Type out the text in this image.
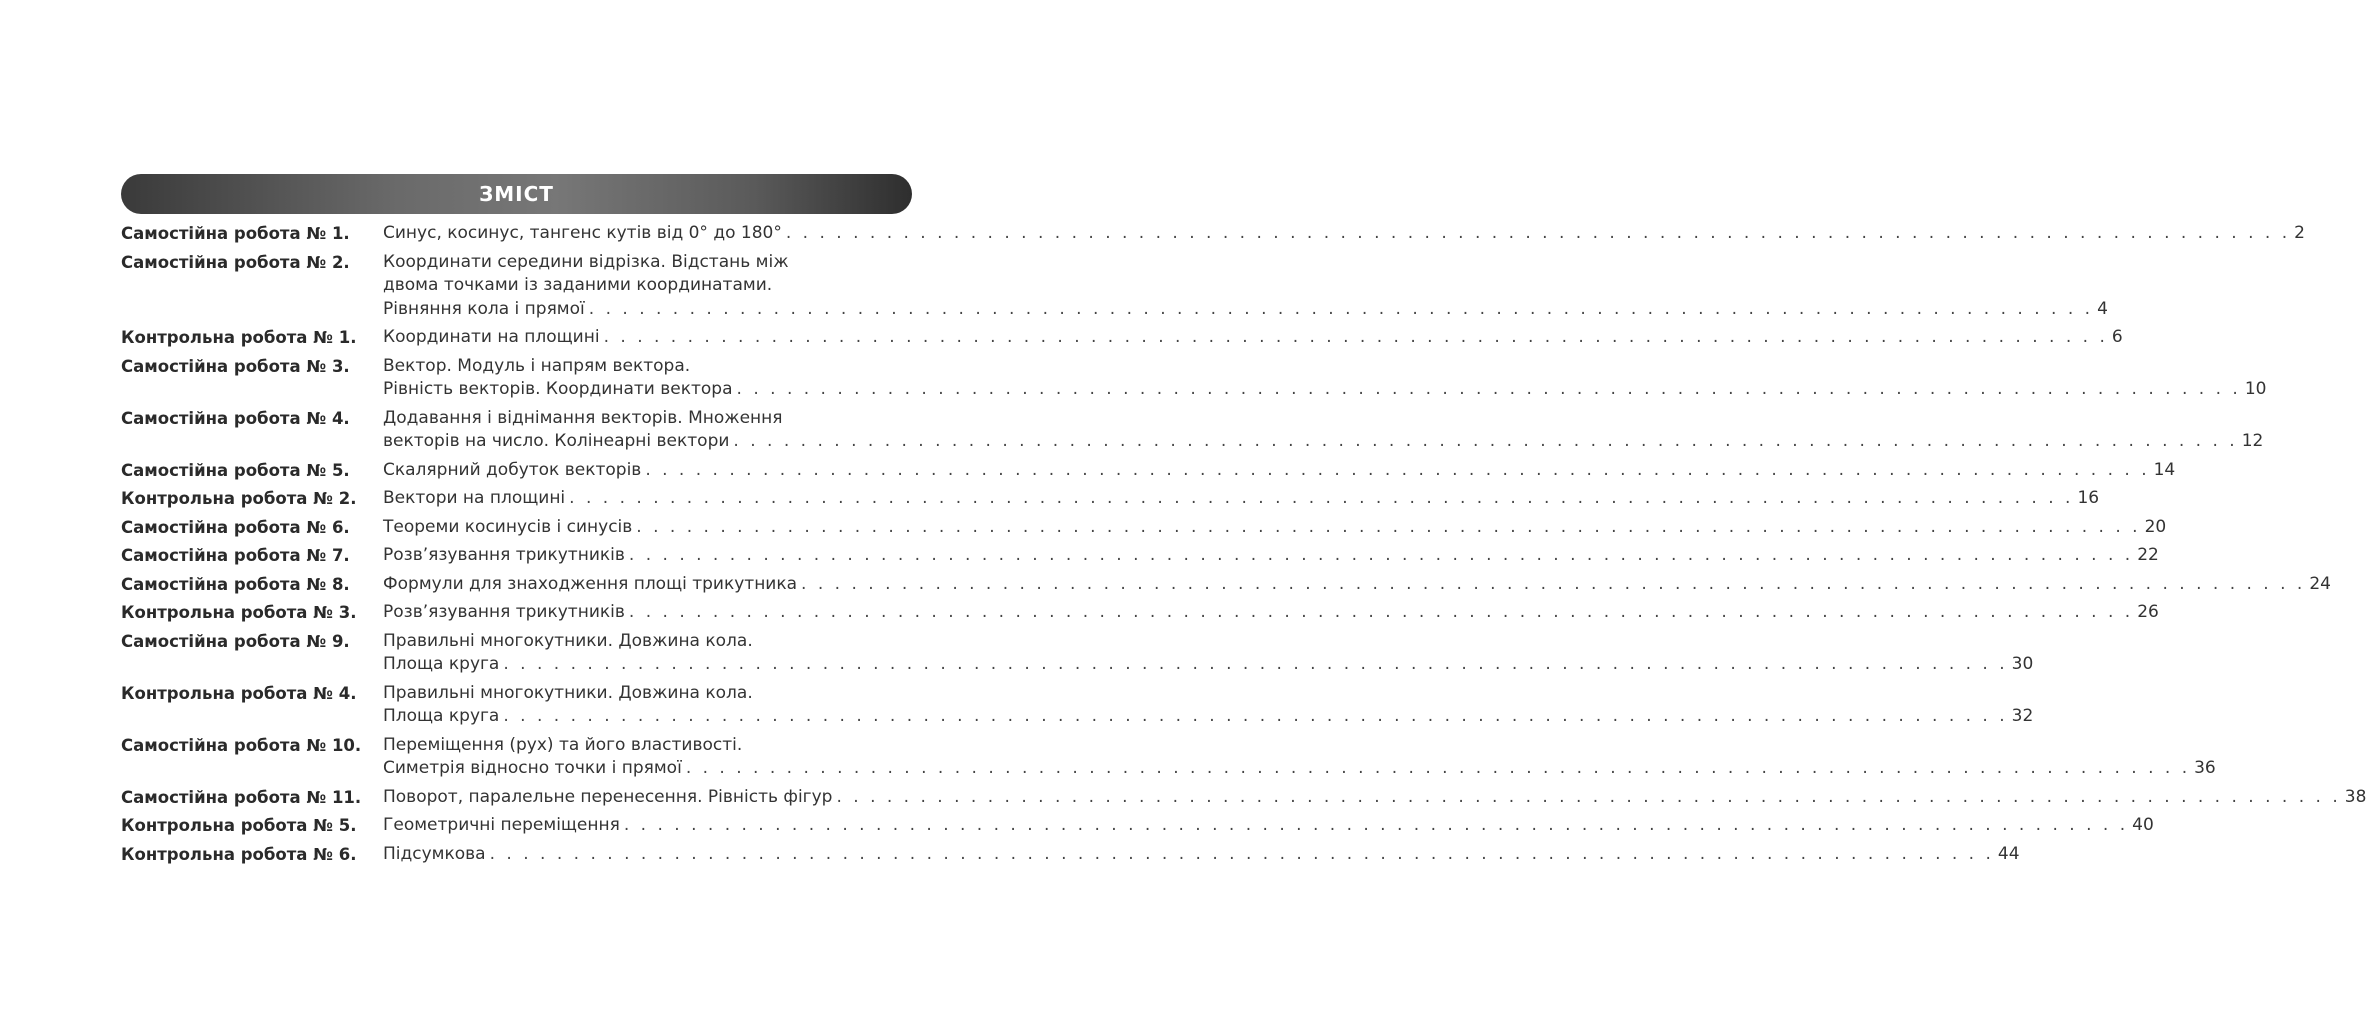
ЗМІСТ
Самостійна робота № 1.	Синус, косинус, тангенс кутів від 0° до 180° . . .	2
Самостійна робота № 2.	Координати середини відрізка. Відстань між
двома точками із заданими координатами.
Рівняння кола і прямої . . .	4
Контрольна робота № 1.	Координати на площині . . .	6
Самостійна робота № 3.	Вектор. Модуль і напрям вектора.
Рівність векторів. Координати вектора . . .	10
Самостійна робота № 4.	Додавання і віднімання векторів. Множення
векторів на число. Колінеарні вектори . . .	12
Самостійна робота № 5.	Скалярний добуток векторів . . .	14
Контрольна робота № 2.	Вектори на площині . . .	16
Самостійна робота № 6.	Теореми косинусів і синусів . . .	20
Самостійна робота № 7.	Розв’язування трикутників . . .	22
Самостійна робота № 8.	Формули для знаходження площі трикутника . . .	24
Контрольна робота № 3.	Розв’язування трикутників . . .	26
Самостійна робота № 9.	Правильні многокутники. Довжина кола.
Площа круга . . .	30
Контрольна робота № 4.	Правильні многокутники. Довжина кола.
Площа круга . . .	32
Самостійна робота № 10.	Переміщення (рух) та його властивості.
Симетрія відносно точки і прямої . . .	36
Самостійна робота № 11.	Поворот, паралельне перенесення. Рівність фігур . . .	38
Контрольна робота № 5.	Геометричні переміщення . . .	40
Контрольна робота № 6.	Підсумкова . . .	44
